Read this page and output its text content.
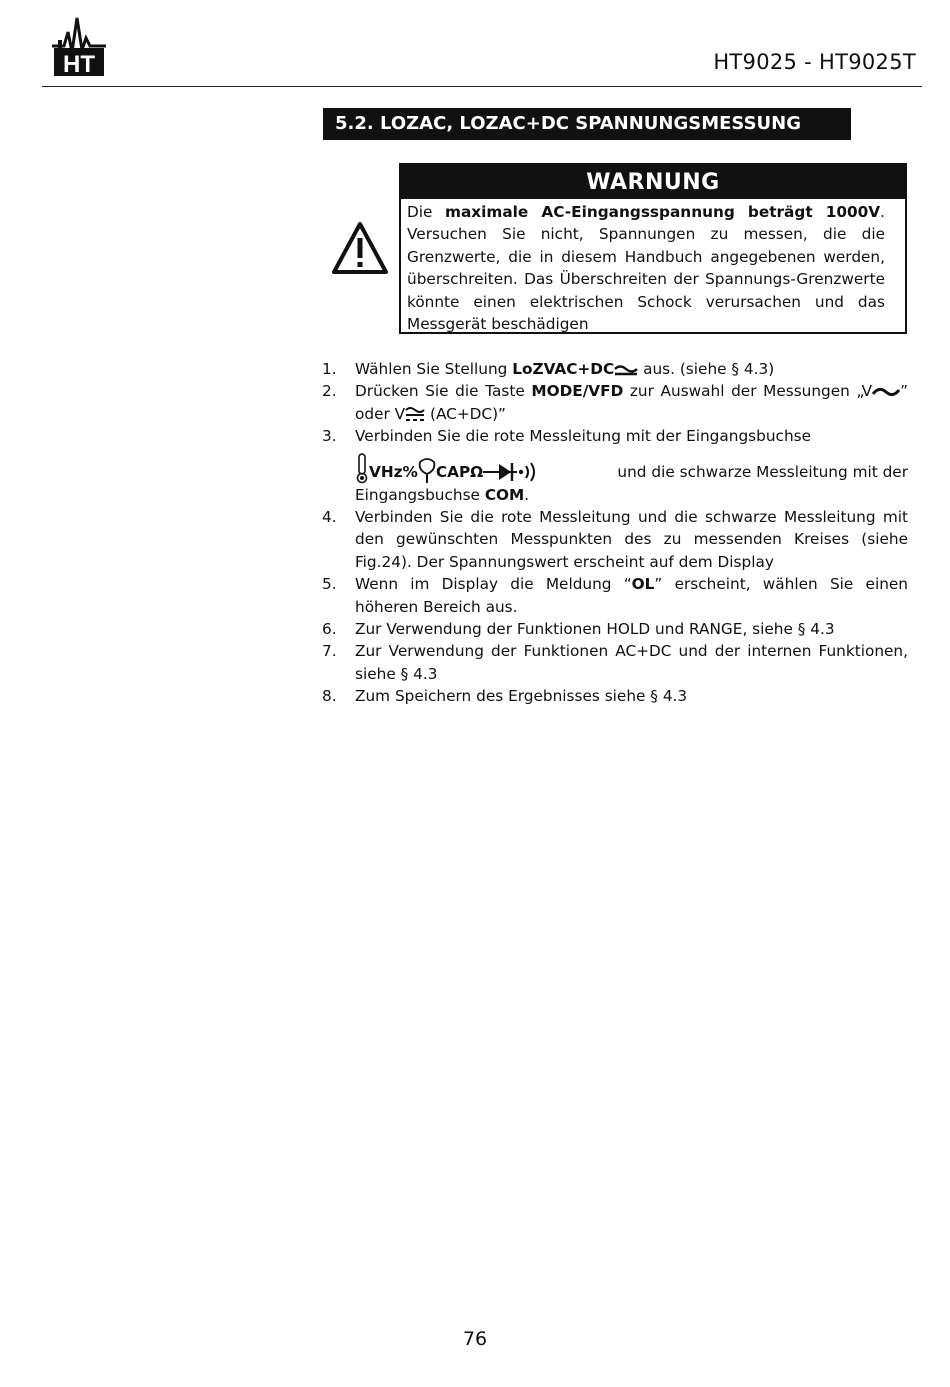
HT	HT9025 - HT9025T
5.2. LOZAC, LOZAC+DC SPANNUNGSMESSUNG
WARNUNG
Die maximale AC-Eingangsspannung beträgt 1000V. Versuchen Sie nicht, Spannungen zu messen, die die Grenzwerte, die in diesem Handbuch angegebenen werden, überschreiten. Das Überschreiten der Spannungs-Grenzwerte könnte einen elektrischen Schock verursachen und das Messgerät beschädigen
1. Wählen Sie Stellung LoZVAC+DC aus. (siehe § 4.3)
2. Drücken Sie die Taste MODE/VFD zur Auswahl der Messungen „V ” oder V (AC+DC)”
3. Verbinden Sie die rote Messleitung mit der Eingangsbuchse
VHz% CAPΩ	und die schwarze Messleitung mit der
Eingangsbuchse COM.
4. Verbinden Sie die rote Messleitung und die schwarze Messleitung mit den gewünschten Messpunkten des zu messenden Kreises (siehe Fig.24). Der Spannungswert erscheint auf dem Display
5. Wenn im Display die Meldung “OL” erscheint, wählen Sie einen höheren Bereich aus.
6. Zur Verwendung der Funktionen HOLD und RANGE, siehe § 4.3
7. Zur Verwendung der Funktionen AC+DC und der internen Funktionen, siehe § 4.3
8. Zum Speichern des Ergebnisses siehe § 4.3
76
